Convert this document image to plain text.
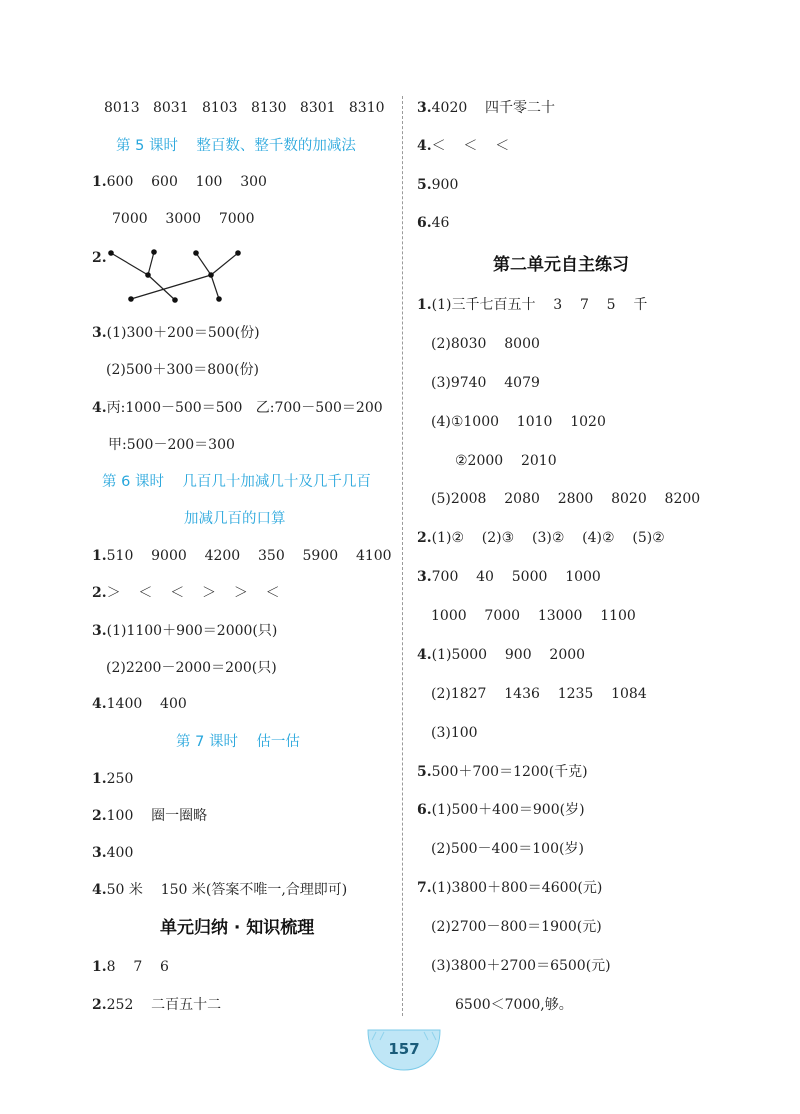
8013   8031   8103   8130   8301   8310
第 5 课时    整百数、整千数的加减法
1.600    600    100    300
7000    3000    7000
2.
3.(1)300＋200＝500(份)
(2)500＋300＝800(份)
4.丙:1000－500＝500   乙:700－500＝200
甲:500－200＝300
第 6 课时    几百几十加减几十及几千几百
加减几百的口算
1.510    9000    4200    350    5900    4100
2.＞    ＜    ＜    ＞    ＞    ＜
3.(1)1100＋900＝2000(只)
(2)2200－2000＝200(只)
4.1400    400
第 7 课时    估一估
1.250
2.100    圈一圈略
3.400
4.50 米    150 米(答案不唯一,合理即可)
单元归纳 · 知识梳理
1.8    7    6
2.252    二百五十二
3.4020    四千零二十
4.＜    ＜    ＜
5.900
6.46
第二单元自主练习
1.(1)三千七百五十    3    7    5    千
(2)8030    8000
(3)9740    4079
(4)①1000    1010    1020
②2000    2010
(5)2008    2080    2800    8020    8200
2.(1)②    (2)③    (3)②    (4)②    (5)②
3.700    40    5000    1000
1000    7000    13000    1100
4.(1)5000    900    2000
(2)1827    1436    1235    1084
(3)100
5.500＋700＝1200(千克)
6.(1)500＋400＝900(岁)
(2)500－400＝100(岁)
7.(1)3800＋800＝4600(元)
(2)2700－800＝1900(元)
(3)3800＋2700＝6500(元)
6500＜7000,够。
157
